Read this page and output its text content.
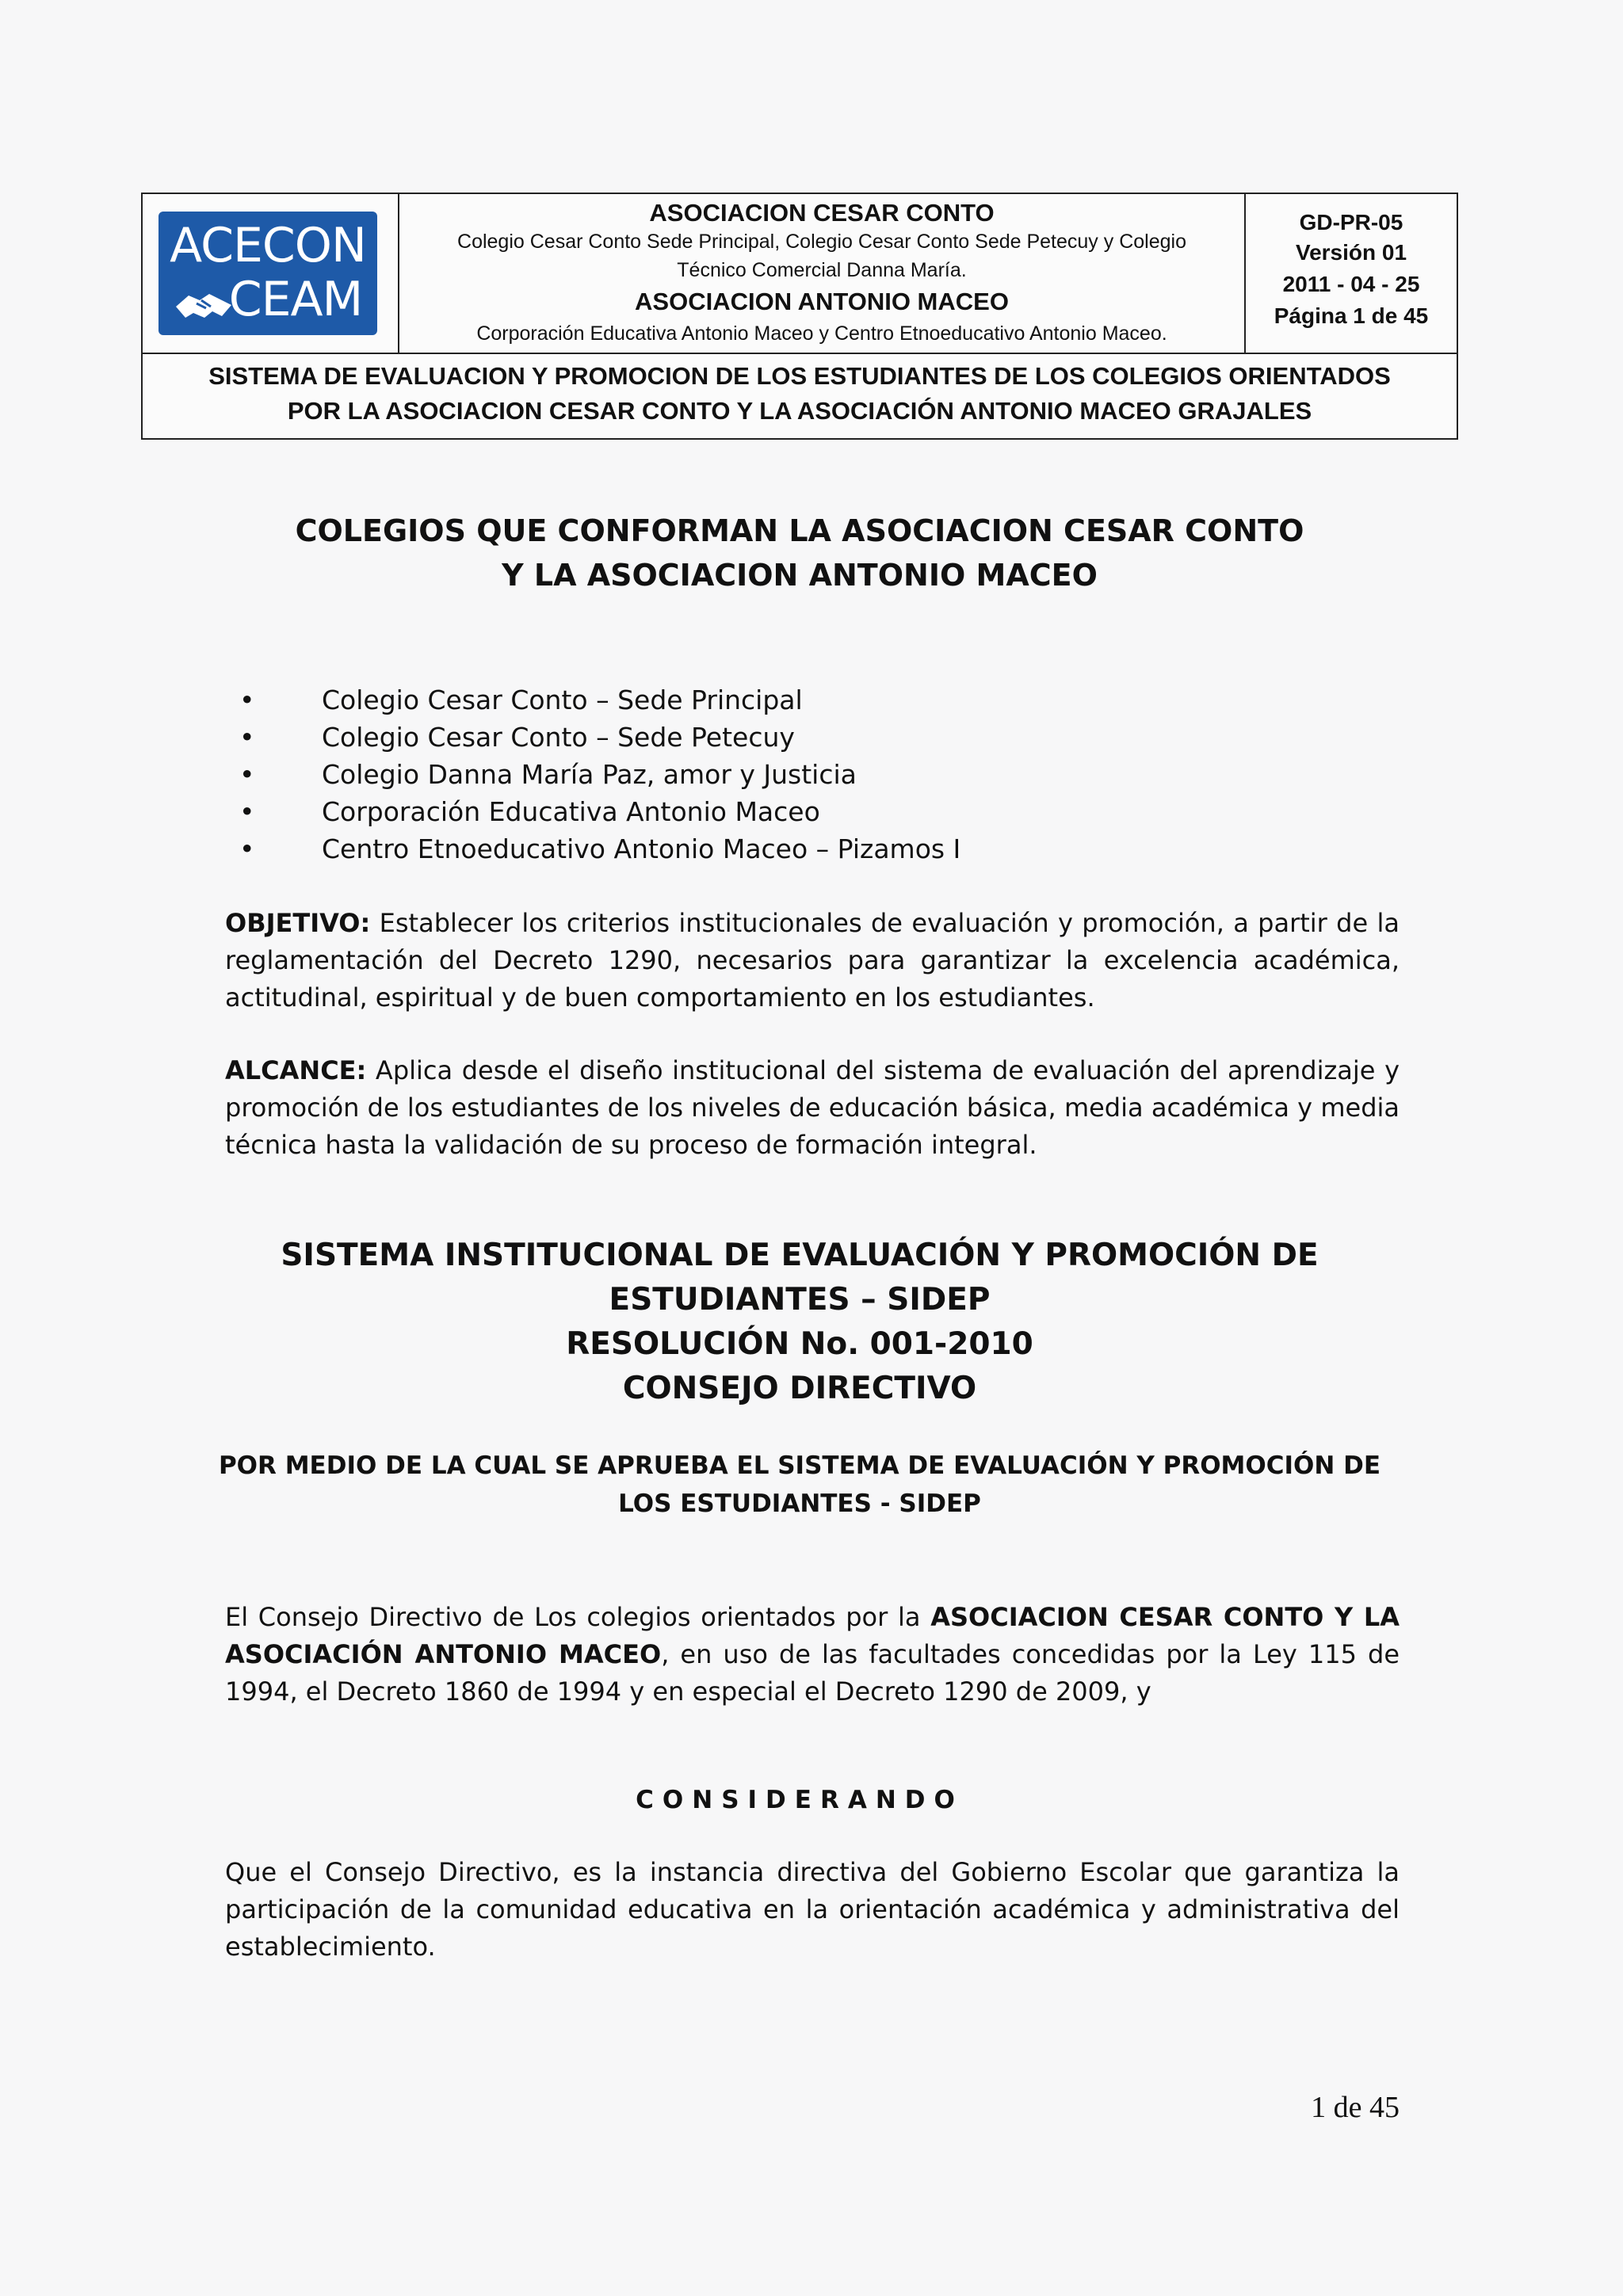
ACECON
CEAM
ASOCIACION CESAR CONTO
Colegio Cesar Conto Sede Principal, Colegio Cesar Conto Sede Petecuy y Colegio
Técnico Comercial Danna María.
ASOCIACION ANTONIO MACEO
Corporación Educativa Antonio Maceo y Centro Etnoeducativo Antonio Maceo.
GD-PR-05
Versión 01
2011 - 04 - 25
Página 1 de 45
SISTEMA DE EVALUACION Y PROMOCION DE LOS ESTUDIANTES DE LOS COLEGIOS ORIENTADOS
POR LA ASOCIACION CESAR CONTO Y LA ASOCIACIÓN ANTONIO MACEO GRAJALES
COLEGIOS QUE CONFORMAN LA ASOCIACION CESAR CONTO
Y LA ASOCIACION ANTONIO MACEO
•	Colegio Cesar Conto – Sede Principal
•	Colegio Cesar Conto – Sede Petecuy
•	Colegio Danna María Paz, amor y Justicia
•	Corporación Educativa Antonio Maceo
•	Centro Etnoeducativo Antonio Maceo – Pizamos I
OBJETIVO: Establecer los criterios institucionales de evaluación y promoción, a partir de la reglamentación del Decreto 1290, necesarios para garantizar la excelencia académica, actitudinal, espiritual y de buen comportamiento en los estudiantes.
ALCANCE: Aplica desde el diseño institucional del sistema de evaluación del aprendizaje y promoción de los estudiantes de los niveles de educación básica, media académica y media técnica hasta la validación de su proceso de formación integral.
SISTEMA INSTITUCIONAL DE EVALUACIÓN Y PROMOCIÓN DE
ESTUDIANTES – SIDEP
RESOLUCIÓN No. 001-2010
CONSEJO DIRECTIVO
POR MEDIO DE LA CUAL SE APRUEBA EL SISTEMA DE EVALUACIÓN Y PROMOCIÓN DE
LOS ESTUDIANTES - SIDEP
El Consejo Directivo de Los colegios orientados por la ASOCIACION CESAR CONTO Y LA ASOCIACIÓN ANTONIO MACEO, en uso de las facultades concedidas por la Ley 115 de 1994, el Decreto 1860 de 1994 y en especial el Decreto 1290 de 2009, y
CONSIDERANDO
Que el Consejo Directivo, es la instancia directiva del Gobierno Escolar que garantiza la participación de la comunidad educativa en la orientación académica y administrativa del establecimiento.
1 de 45
